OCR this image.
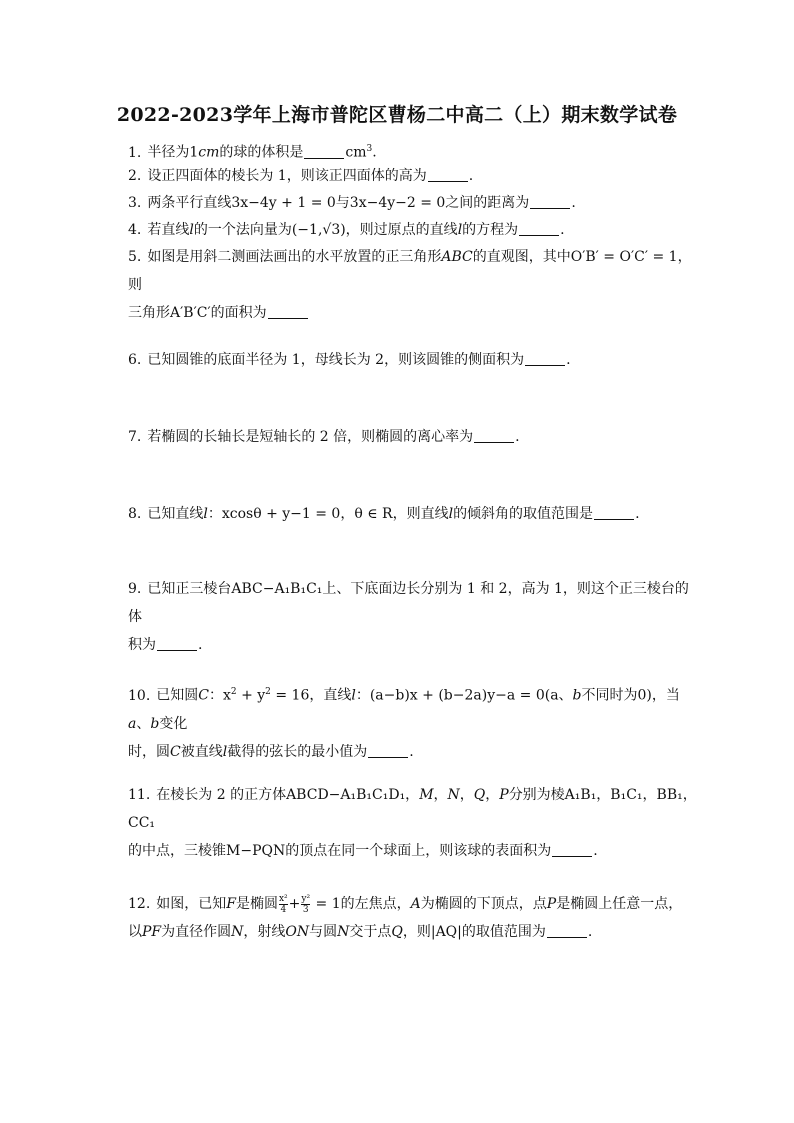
2022-2023学年上海市普陀区曹杨二中高二（上）期末数学试卷
1. 半径为1cm的球的体积是	$cm^3$.
2. 设正四面体的棱长为 1，则该正四面体的高为	.
3. 两条平行直线3x−4y + 1 = 0与3x−4y−2 = 0之间的距离为	.
4. 若直线l的一个法向量为(−1,√3)，则过原点的直线l的方程为	.
5. 如图是用斜二测画法画出的水平放置的正三角形ABC的直观图，其中O′B′ = O′C′ = 1，则
三角形A′B′C′的面积为
6. 已知圆锥的底面半径为 1，母线长为 2，则该圆锥的侧面积为	.
7. 若椭圆的长轴长是短轴长的 2 倍，则椭圆的离心率为	.
8. 已知直线l：xcosθ + y−1 = 0，θ ∈ R，则直线l的倾斜角的取值范围是	.
9. 已知正三棱台ABC−A₁B₁C₁上、下底面边长分别为 1 和 2，高为 1，则这个正三棱台的体
积为	.
10. 已知圆C：$x^2 + y^2 = 16$，直线l：(a−b)x + (b−2a)y−a = 0(a、b不同时为0)，当a、b变化
时，圆C被直线l截得的弦长的最小值为	.
11. 在棱长为 2 的正方体ABCD−A₁B₁C₁D₁，M，N，Q，P分别为棱A₁B₁，B₁C₁，BB₁，CC₁
的中点，三棱锥M−PQN的顶点在同一个球面上，则该球的表面积为	.
12. 如图，已知F是椭圆 $\frac{\text{x²}}{4} + \frac{\text{y²}}{3} = 1$的左焦点，A为椭圆的下顶点，点P是椭圆上任意一点，
以PF为直径作圆N，射线ON与圆N交于点Q，则|AQ|的取值范围为	.
